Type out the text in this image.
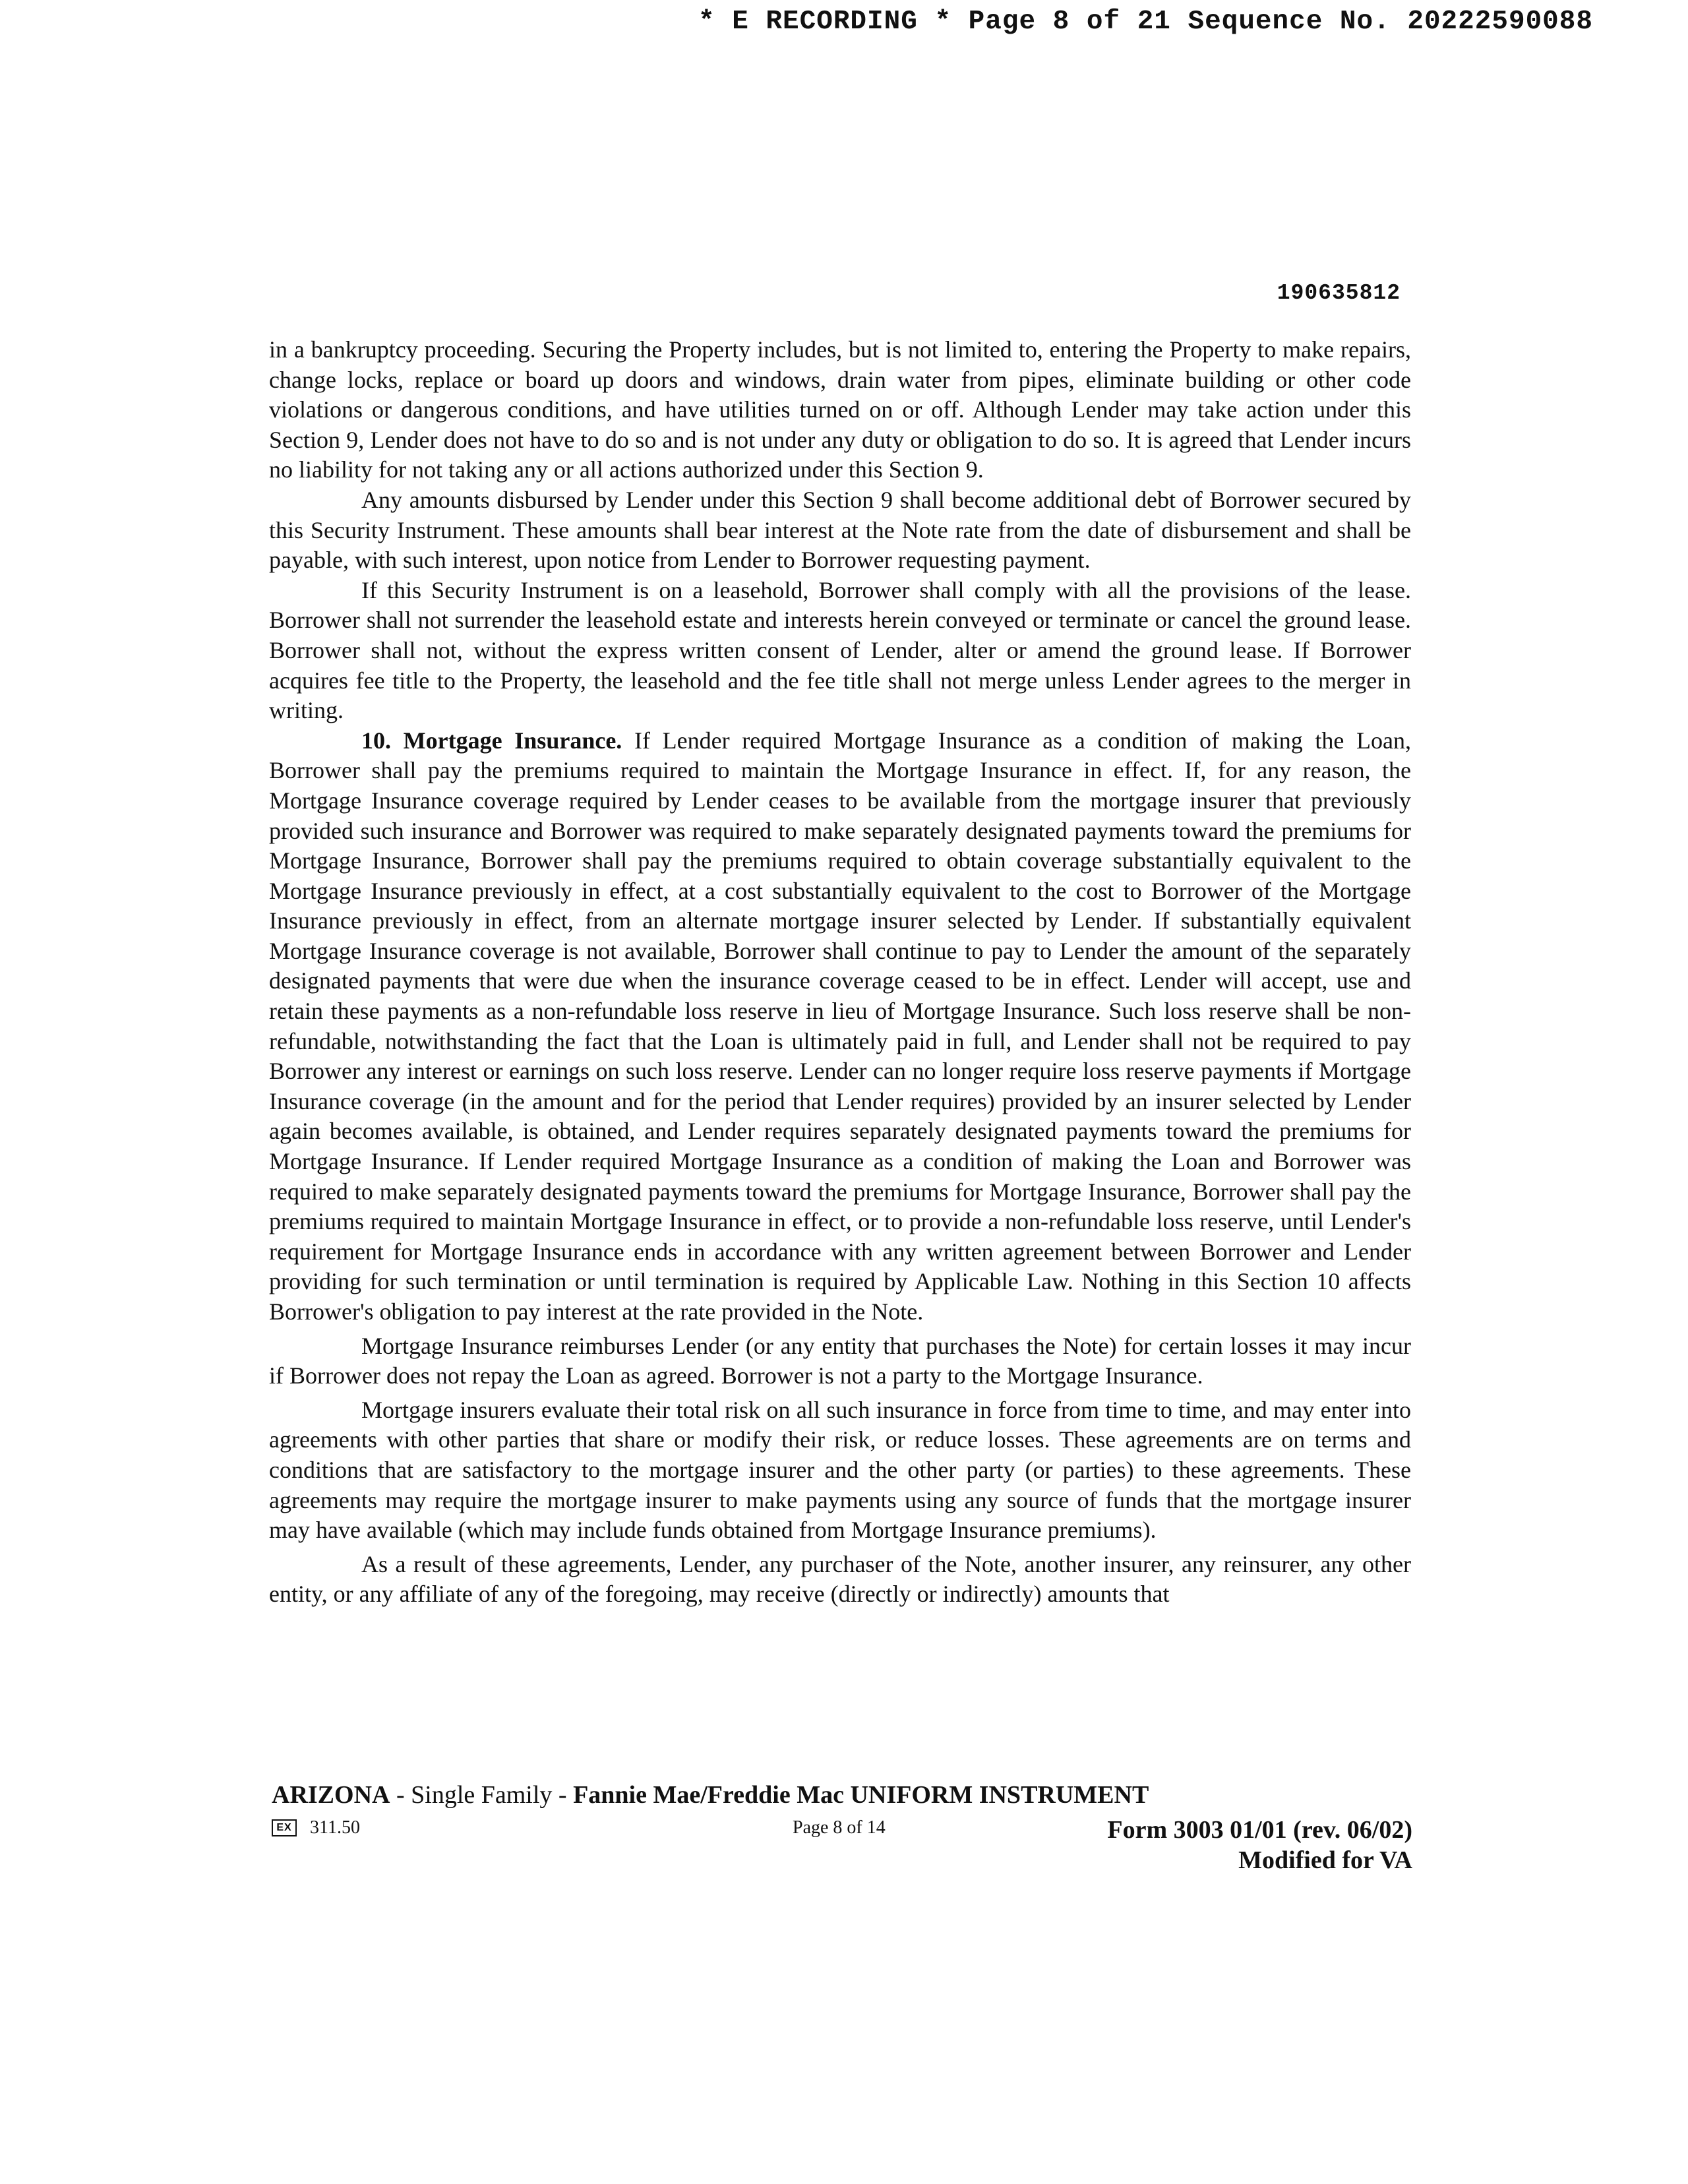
* E RECORDING * Page 8 of 21 Sequence No. 20222590088
190635812

in a bankruptcy proceeding. Securing the Property includes, but is not limited to, entering the Property to make repairs, change locks, replace or board up doors and windows, drain water from pipes, eliminate building or other code violations or dangerous conditions, and have utilities turned on or off. Although Lender may take action under this Section 9, Lender does not have to do so and is not under any duty or obligation to do so. It is agreed that Lender incurs no liability for not taking any or all actions authorized under this Section 9.

Any amounts disbursed by Lender under this Section 9 shall become additional debt of Borrower secured by this Security Instrument. These amounts shall bear interest at the Note rate from the date of disbursement and shall be payable, with such interest, upon notice from Lender to Borrower requesting payment.

If this Security Instrument is on a leasehold, Borrower shall comply with all the provisions of the lease. Borrower shall not surrender the leasehold estate and interests herein conveyed or terminate or cancel the ground lease. Borrower shall not, without the express written consent of Lender, alter or amend the ground lease. If Borrower acquires fee title to the Property, the leasehold and the fee title shall not merge unless Lender agrees to the merger in writing.

10. Mortgage Insurance. If Lender required Mortgage Insurance as a condition of making the Loan, Borrower shall pay the premiums required to maintain the Mortgage Insurance in effect. If, for any reason, the Mortgage Insurance coverage required by Lender ceases to be available from the mortgage insurer that previously provided such insurance and Borrower was required to make separately designated payments toward the premiums for Mortgage Insurance, Borrower shall pay the premiums required to obtain coverage substantially equivalent to the Mortgage Insurance previously in effect, at a cost substantially equivalent to the cost to Borrower of the Mortgage Insurance previously in effect, from an alternate mortgage insurer selected by Lender. If substantially equivalent Mortgage Insurance coverage is not available, Borrower shall continue to pay to Lender the amount of the separately designated payments that were due when the insurance coverage ceased to be in effect. Lender will accept, use and retain these payments as a non-refundable loss reserve in lieu of Mortgage Insurance. Such loss reserve shall be non-refundable, notwithstanding the fact that the Loan is ultimately paid in full, and Lender shall not be required to pay Borrower any interest or earnings on such loss reserve. Lender can no longer require loss reserve payments if Mortgage Insurance coverage (in the amount and for the period that Lender requires) provided by an insurer selected by Lender again becomes available, is obtained, and Lender requires separately designated payments toward the premiums for Mortgage Insurance. If Lender required Mortgage Insurance as a condition of making the Loan and Borrower was required to make separately designated payments toward the premiums for Mortgage Insurance, Borrower shall pay the premiums required to maintain Mortgage Insurance in effect, or to provide a non-refundable loss reserve, until Lender's requirement for Mortgage Insurance ends in accordance with any written agreement between Borrower and Lender providing for such termination or until termination is required by Applicable Law. Nothing in this Section 10 affects Borrower's obligation to pay interest at the rate provided in the Note.

Mortgage Insurance reimburses Lender (or any entity that purchases the Note) for certain losses it may incur if Borrower does not repay the Loan as agreed. Borrower is not a party to the Mortgage Insurance.

Mortgage insurers evaluate their total risk on all such insurance in force from time to time, and may enter into agreements with other parties that share or modify their risk, or reduce losses. These agreements are on terms and conditions that are satisfactory to the mortgage insurer and the other party (or parties) to these agreements. These agreements may require the mortgage insurer to make payments using any source of funds that the mortgage insurer may have available (which may include funds obtained from Mortgage Insurance premiums).

As a result of these agreements, Lender, any purchaser of the Note, another insurer, any reinsurer, any other entity, or any affiliate of any of the foregoing, may receive (directly or indirectly) amounts that

ARIZONA - Single Family - Fannie Mae/Freddie Mac UNIFORM INSTRUMENT
EX 311.50	Page 8 of 14	Form 3003 01/01 (rev. 06/02)
Modified for VA
